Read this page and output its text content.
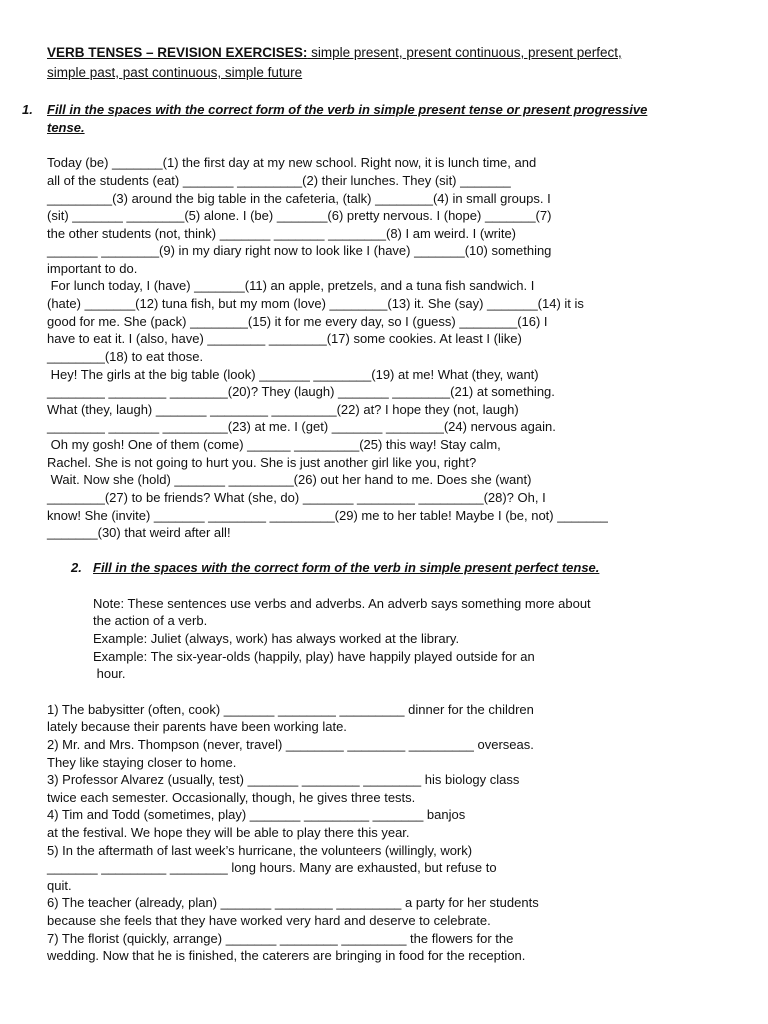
VERB TENSES – REVISION EXERCISES: simple present, present continuous, present perfect,
simple past, past continuous, simple future
1. Fill in the spaces with the correct form of the verb in simple present tense or present progressive
tense.
Today (be) _______(1) the first day at my new school. Right now, it is lunch time, and
all of the students (eat) _______ _________(2) their lunches. They (sit) _______
_________(3) around the big table in the cafeteria, (talk) ________(4) in small groups. I
(sit) _______ ________(5) alone. I (be) _______(6) pretty nervous. I (hope) _______(7)
the other students (not, think) _______ _______ ________(8) I am weird. I (write)
_______ ________(9) in my diary right now to look like I (have) _______(10) something
important to do.
For lunch today, I (have) _______(11) an apple, pretzels, and a tuna fish sandwich. I
(hate) _______(12) tuna fish, but my mom (love) ________(13) it. She (say) _______(14) it is
good for me. She (pack) ________(15) it for me every day, so I (guess) ________(16) I
have to eat it. I (also, have) ________ ________(17) some cookies. At least I (like)
________(18) to eat those.
Hey! The girls at the big table (look) _______ ________(19) at me! What (they, want)
________ ________ ________(20)? They (laugh) _______ ________(21) at something.
What (they, laugh) _______ ________ _________(22) at? I hope they (not, laugh)
________ _______ _________(23) at me. I (get) _______ ________(24) nervous again.
Oh my gosh! One of them (come) ______ _________(25) this way! Stay calm,
Rachel. She is not going to hurt you. She is just another girl like you, right?
Wait. Now she (hold) _______ _________(26) out her hand to me. Does she (want)
________(27) to be friends? What (she, do) _______ ________ _________(28)? Oh, I
know! She (invite) _______ ________ _________(29) me to her table! Maybe I (be, not) _______
_______(30) that weird after all!
2. Fill in the spaces with the correct form of the verb in simple present perfect tense.
Note: These sentences use verbs and adverbs. An adverb says something more about
the action of a verb.
Example: Juliet (always, work) has always worked at the library.
Example: The six-year-olds (happily, play) have happily played outside for an
hour.
1) The babysitter (often, cook) _______ ________ _________ dinner for the children
lately because their parents have been working late.
2) Mr. and Mrs. Thompson (never, travel) ________ ________ _________ overseas.
They like staying closer to home.
3) Professor Alvarez (usually, test) _______ ________ ________ his biology class
twice each semester. Occasionally, though, he gives three tests.
4) Tim and Todd (sometimes, play) _______ _________ _______ banjos
at the festival. We hope they will be able to play there this year.
5) In the aftermath of last week’s hurricane, the volunteers (willingly, work)
_______ _________ ________ long hours. Many are exhausted, but refuse to
quit.
6) The teacher (already, plan) _______ ________ _________ a party for her students
because she feels that they have worked very hard and deserve to celebrate.
7) The florist (quickly, arrange) _______ ________ _________ the flowers for the
wedding. Now that he is finished, the caterers are bringing in food for the reception.
